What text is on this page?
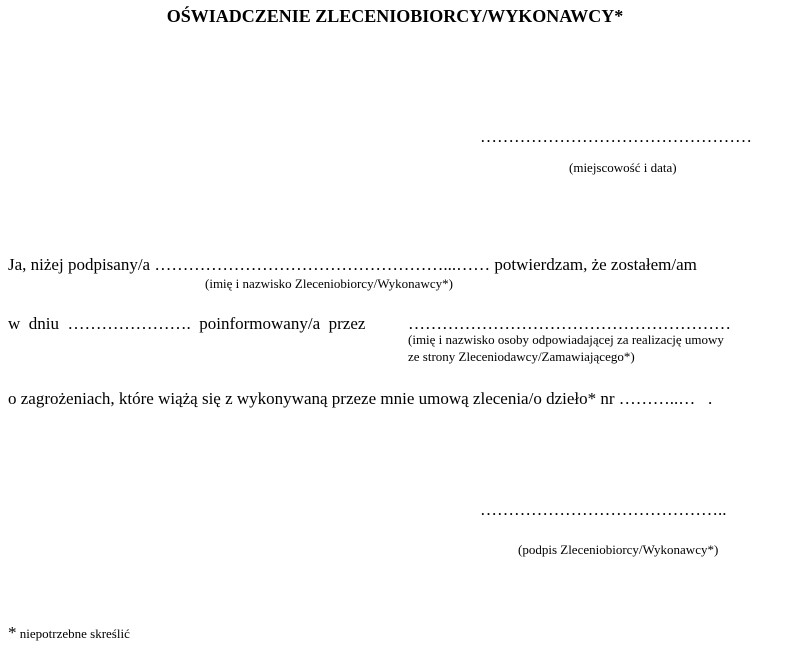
OŚWIADCZENIE ZLECENIOBIORCY/WYKONAWCY*
…………………………………………
(miejscowość i data)
Ja, niżej podpisany/a ……………………………………………...…… potwierdzam, że zostałem/am
(imię i nazwisko Zleceniobiorcy/Wykonawcy*)
w  dniu  ………………….  poinformowany/a  przez	…………………………………………………
(imię i nazwisko osoby odpowiadającej za realizację umowy
ze strony Zleceniodawcy/Zamawiającego*)
o zagrożeniach, które wiążą się z wykonywaną przeze mnie umową zlecenia/o dzieło* nr ………..…   .
……………………………………..
(podpis Zleceniobiorcy/Wykonawcy*)
* niepotrzebne skreślić
